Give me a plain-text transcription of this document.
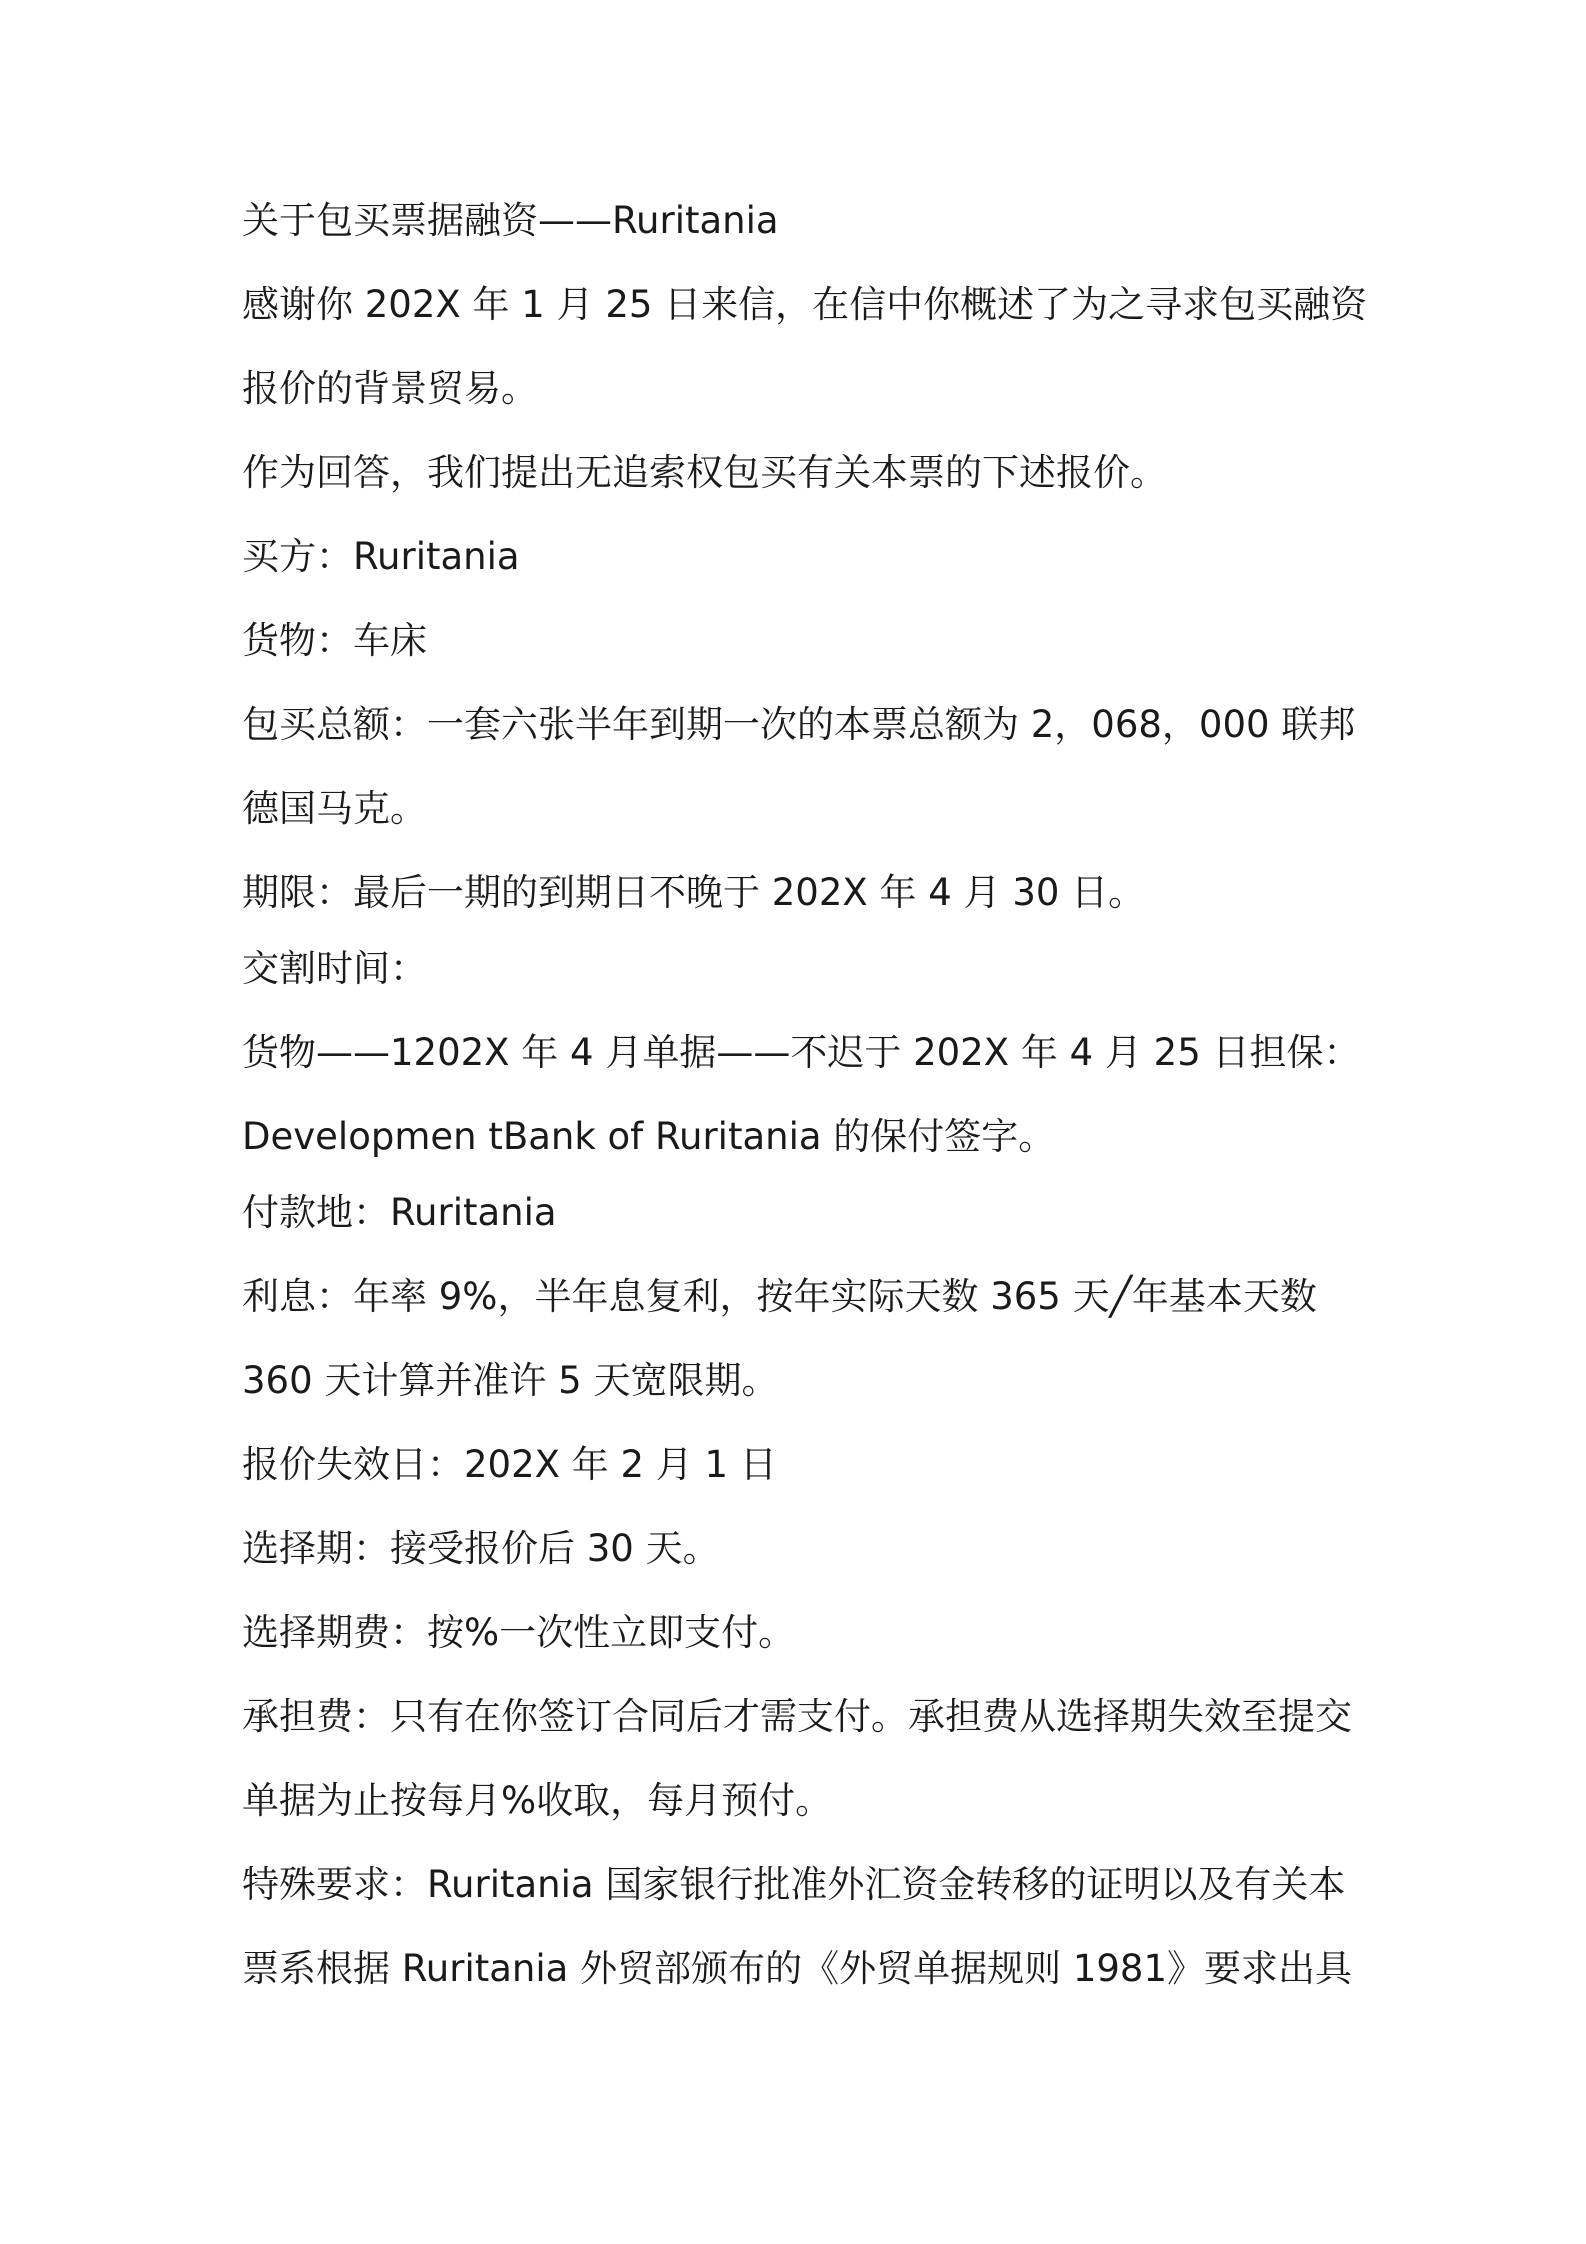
关于包买票据融资——Ruritania

感谢你 202X 年 1 月 25 日来信，在信中你概述了为之寻求包买融资

报价的背景贸易。

作为回答，我们提出无追索权包买有关本票的下述报价。

买方：Ruritania

货物：车床

包买总额：一套六张半年到期一次的本票总额为 2，068，000 联邦

德国马克。

期限：最后一期的到期日不晚于 202X 年 4 月 30 日。

交割时间：

货物——1202X 年 4 月单据——不迟于 202X 年 4 月 25 日担保：

Developmen tBank of Ruritania 的保付签字。

付款地：Ruritania

利息：年率 9%，半年息复利，按年实际天数 365 天╱年基本天数

360 天计算并准许 5 天宽限期。

报价失效日：202X 年 2 月 1 日

选择期：接受报价后 30 天。

选择期费：按%一次性立即支付。

承担费：只有在你签订合同后才需支付。承担费从选择期失效至提交

单据为止按每月%收取，每月预付。

特殊要求：Ruritania 国家银行批准外汇资金转移的证明以及有关本

票系根据 Ruritania 外贸部颁布的《外贸单据规则 1981》要求出具
